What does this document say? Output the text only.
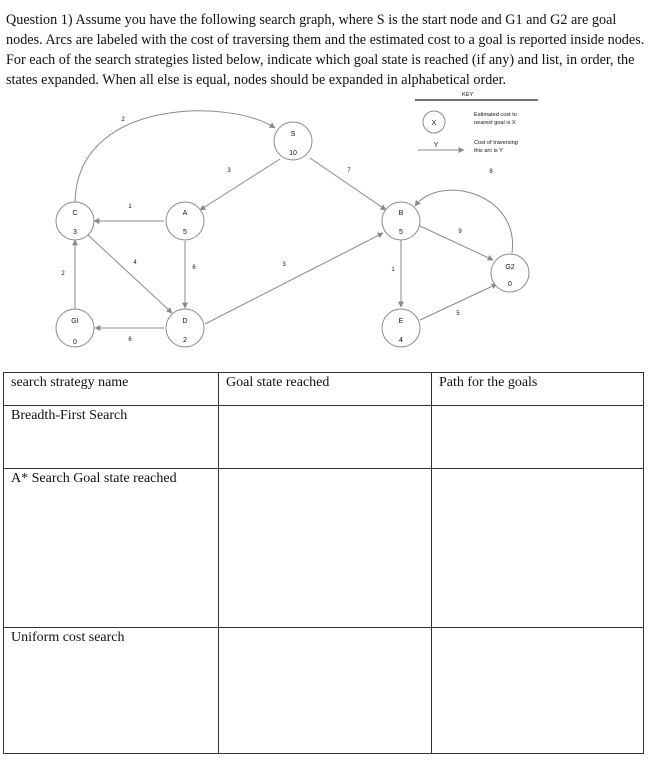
Question 1) Assume you have the following search graph, where S is the start node and G1 and G2 are goal nodes. Arcs are labeled with the cost of traversing them and the estimated cost to a goal is reported inside nodes. For each of the search strategies listed below, indicate which goal state is reached (if any) and list, in order, the states expanded. When all else is equal, nodes should be expanded in alphabetical order.

2
3	7
1
4
2
6
6
3
1
9
8
5
S
10
C
3
A
5
B
5
G2
0
GI
0
D
2
E
4
KEY
X
Estimated cost to
nearest goal is X
Y	Cost of traversing
this arc is Y
search strategy name	Goal state reached	Path for the goals
Breadth-First Search		
A* Search Goal state reached		
Uniform cost search		
